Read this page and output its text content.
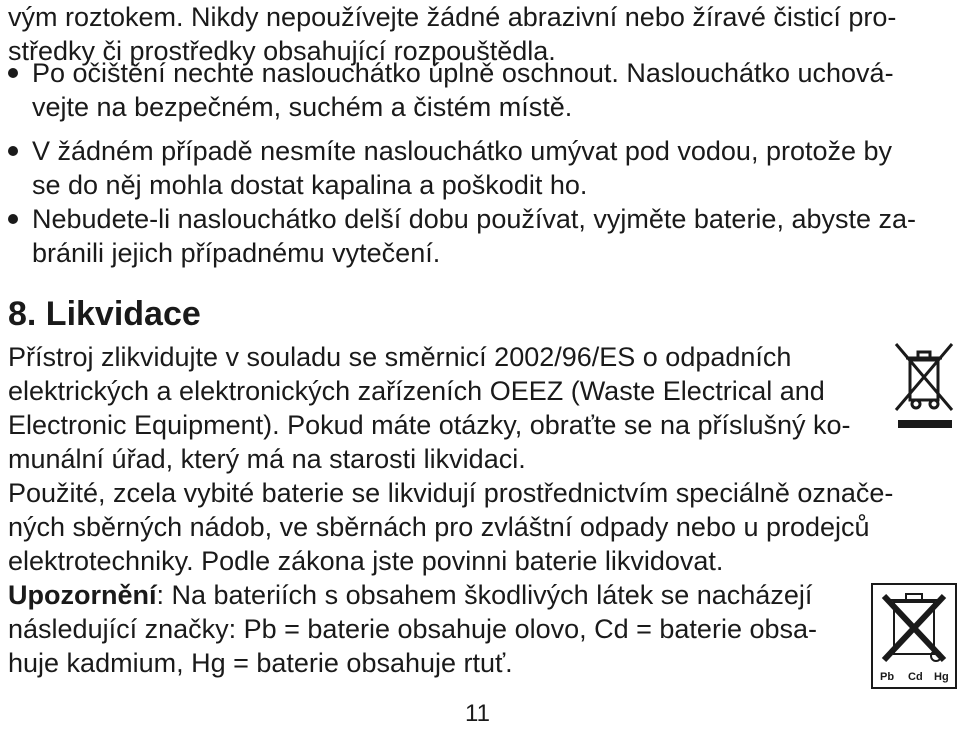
vým roztokem. Nikdy nepoužívejte žádné abrazivní nebo žíravé čisticí pro-

středky či prostředky obsahující rozpouštědla.

Po očištění nechte naslouchátko úplně oschnout. Naslouchátko uchová-

vejte na bezpečném, suchém a čistém místě.

V žádném případě nesmíte naslouchátko umývat pod vodou, protože by

se do něj mohla dostat kapalina a poškodit ho.

Nebudete-li naslouchátko delší dobu používat, vyjměte baterie, abyste za-

bránili jejich případnému vytečení.

8. Likvidace

Přístroj zlikvidujte v souladu se směrnicí 2002/96/ES o odpadních

elektrických a elektronických zařízeních OEEZ (Waste Electrical and

Electronic Equipment). Pokud máte otázky, obraťte se na příslušný ko-

munální úřad, který má na starosti likvidaci.

Použité, zcela vybité baterie se likvidují prostřednictvím speciálně označe-

ných sběrných nádob, ve sběrnách pro zvláštní odpady nebo u prodejců

elektrotechniky. Podle zákona jste povinni baterie likvidovat.

Upozornění: Na bateriích s obsahem škodlivých látek se nacházejí

následující značky: Pb = baterie obsahuje olovo, Cd = baterie obsa-

huje kadmium, Hg = baterie obsahuje rtuť.	Pb Cd Hg
11
